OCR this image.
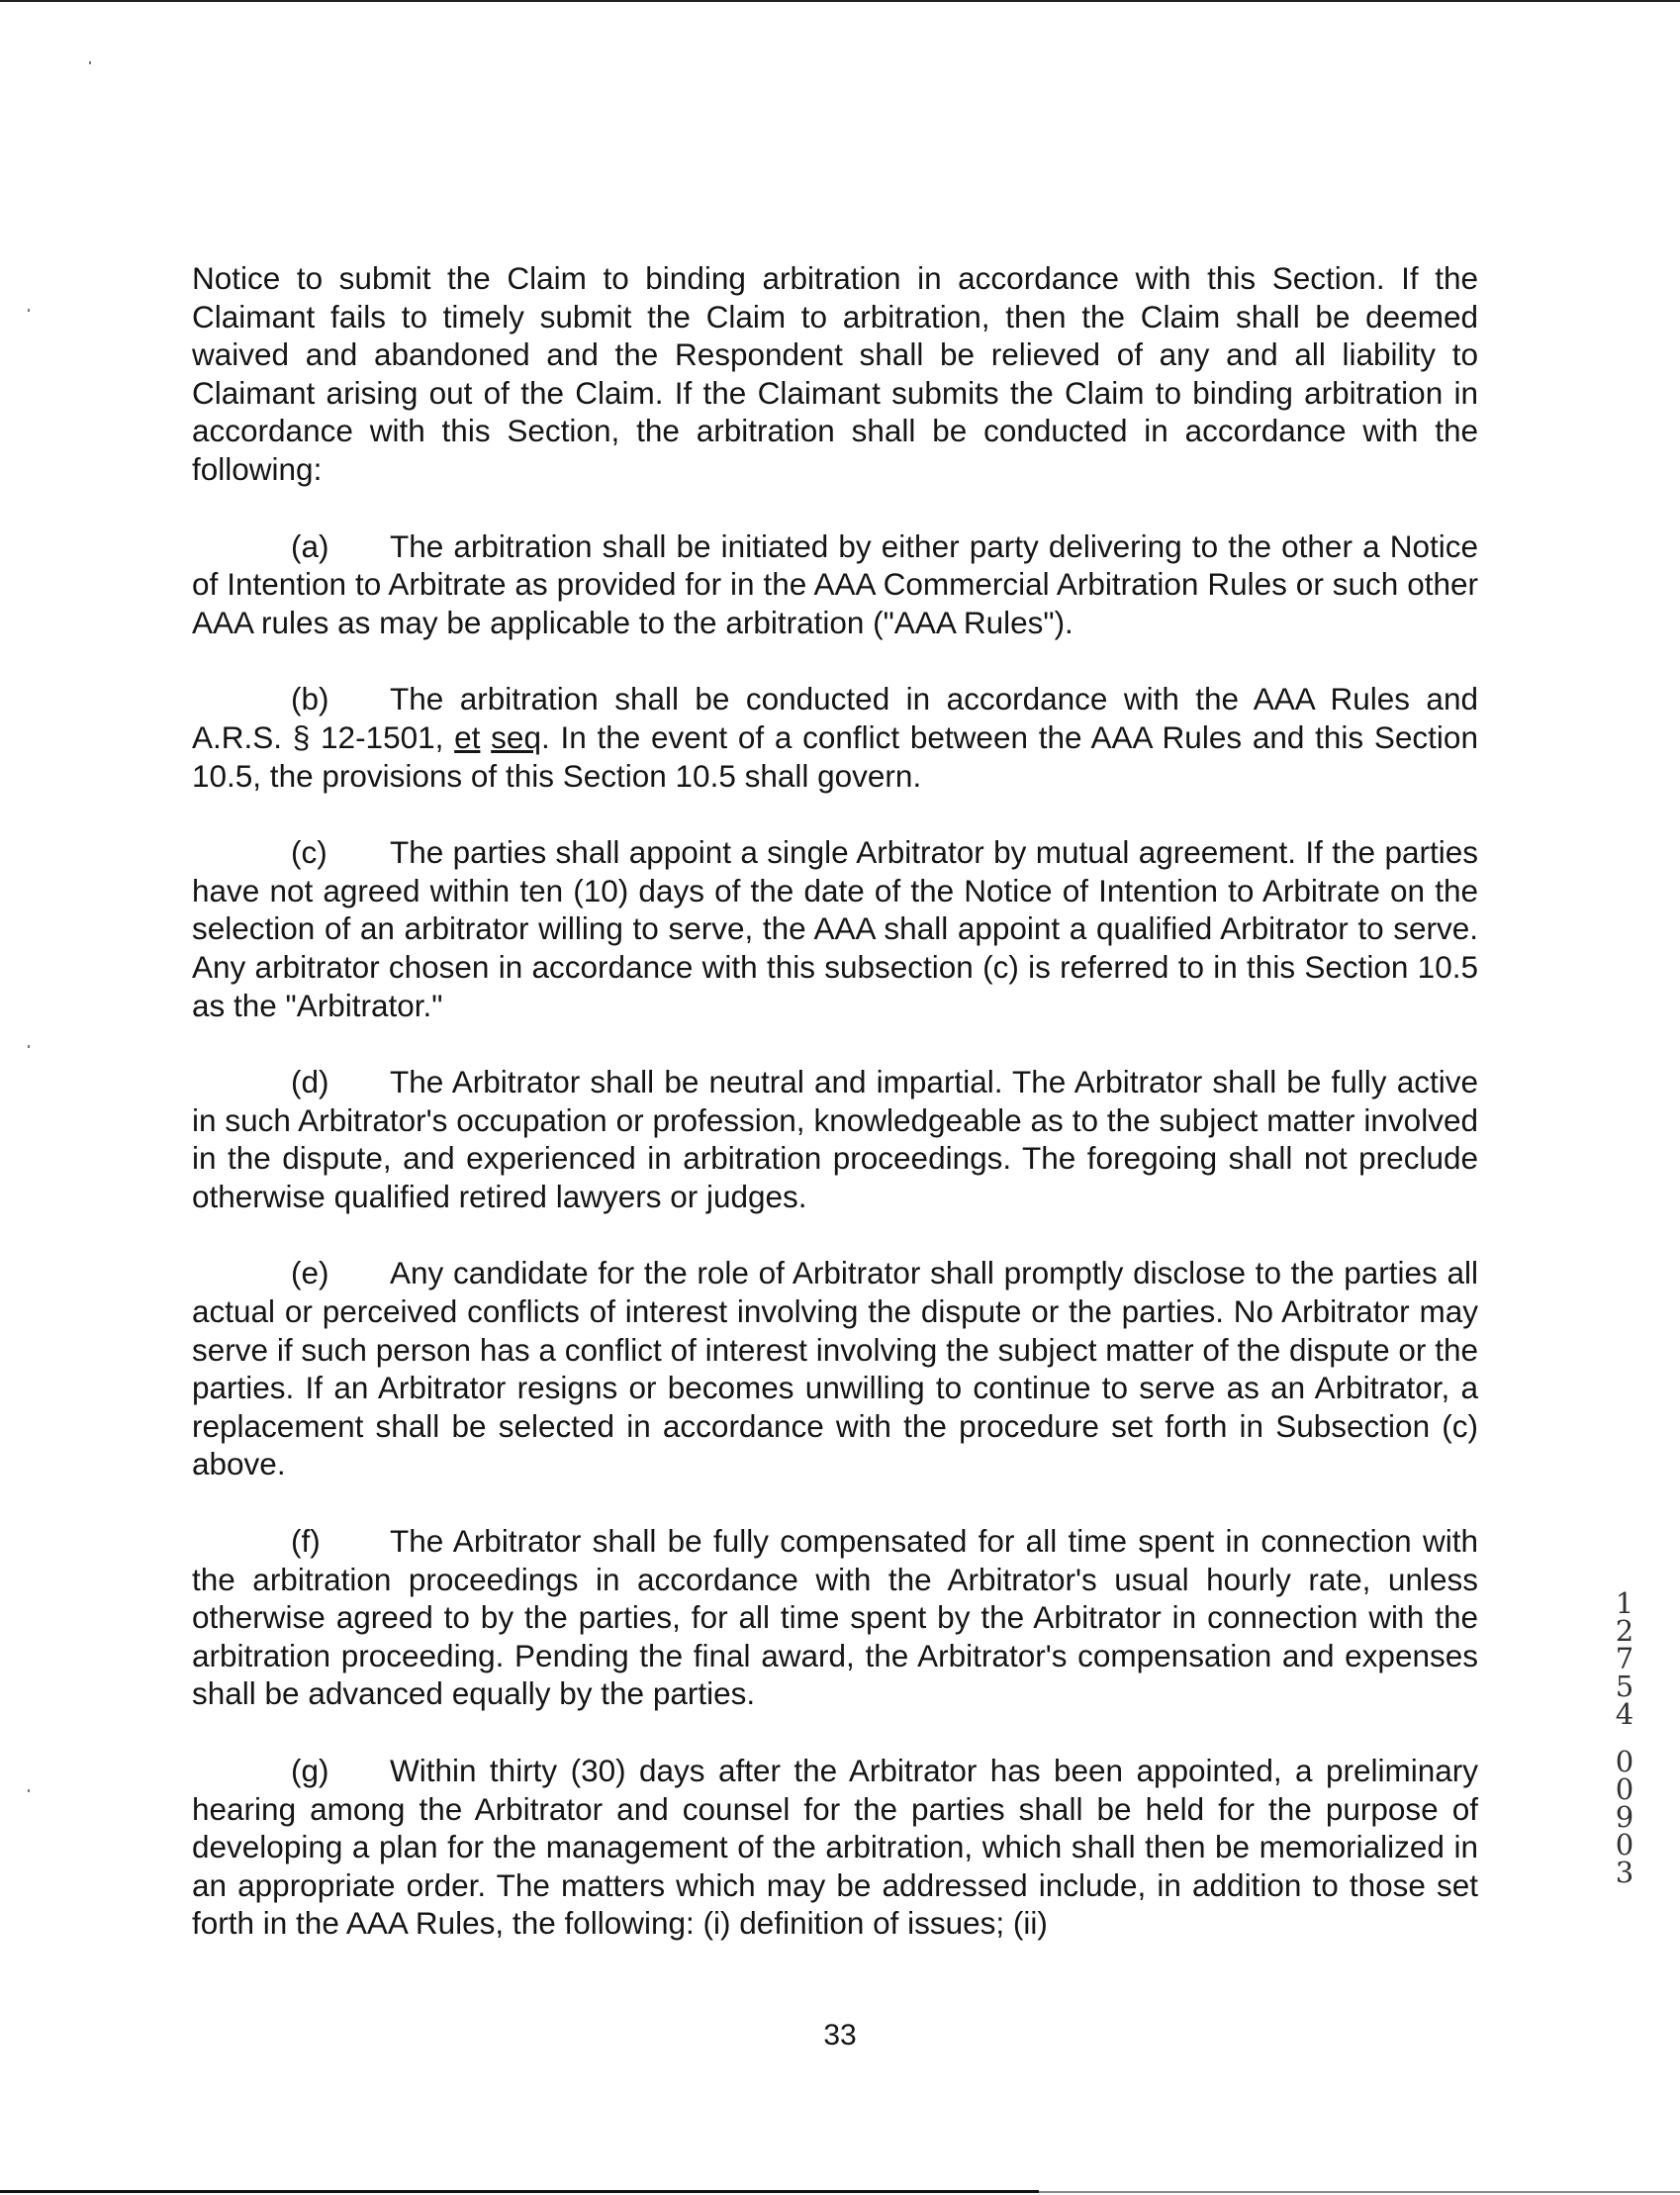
Notice to submit the Claim to binding arbitration in accordance with this Section. If the Claimant fails to timely submit the Claim to arbitration, then the Claim shall be deemed waived and abandoned and the Respondent shall be relieved of any and all liability to Claimant arising out of the Claim. If the Claimant submits the Claim to binding arbitration in accordance with this Section, the arbitration shall be conducted in accordance with the following:

(a) The arbitration shall be initiated by either party delivering to the other a Notice of Intention to Arbitrate as provided for in the AAA Commercial Arbitration Rules or such other AAA rules as may be applicable to the arbitration ("AAA Rules").

(b) The arbitration shall be conducted in accordance with the AAA Rules and A.R.S. § 12-1501, et seq. In the event of a conflict between the AAA Rules and this Section 10.5, the provisions of this Section 10.5 shall govern.

(c) The parties shall appoint a single Arbitrator by mutual agreement. If the parties have not agreed within ten (10) days of the date of the Notice of Intention to Arbitrate on the selection of an arbitrator willing to serve, the AAA shall appoint a qualified Arbitrator to serve. Any arbitrator chosen in accordance with this subsection (c) is referred to in this Section 10.5 as the "Arbitrator."

(d) The Arbitrator shall be neutral and impartial. The Arbitrator shall be fully active in such Arbitrator's occupation or profession, knowledgeable as to the subject matter involved in the dispute, and experienced in arbitration proceedings. The foregoing shall not preclude otherwise qualified retired lawyers or judges.

(e) Any candidate for the role of Arbitrator shall promptly disclose to the parties all actual or perceived conflicts of interest involving the dispute or the parties. No Arbitrator may serve if such person has a conflict of interest involving the subject matter of the dispute or the parties. If an Arbitrator resigns or becomes unwilling to continue to serve as an Arbitrator, a replacement shall be selected in accordance with the procedure set forth in Subsection (c) above.

(f) The Arbitrator shall be fully compensated for all time spent in connection with the arbitration proceedings in accordance with the Arbitrator's usual hourly rate, unless otherwise agreed to by the parties, for all time spent by the Arbitrator in connection with the arbitration proceeding. Pending the final award, the Arbitrator's compensation and expenses shall be advanced equally by the parties.

(g) Within thirty (30) days after the Arbitrator has been appointed, a preliminary hearing among the Arbitrator and counsel for the parties shall be held for the purpose of developing a plan for the management of the arbitration, which shall then be memorialized in an appropriate order. The matters which may be addressed include, in addition to those set forth in the AAA Rules, the following: (i) definition of issues; (ii)

33
1
2
7
5
4
0
0
9
0
3
